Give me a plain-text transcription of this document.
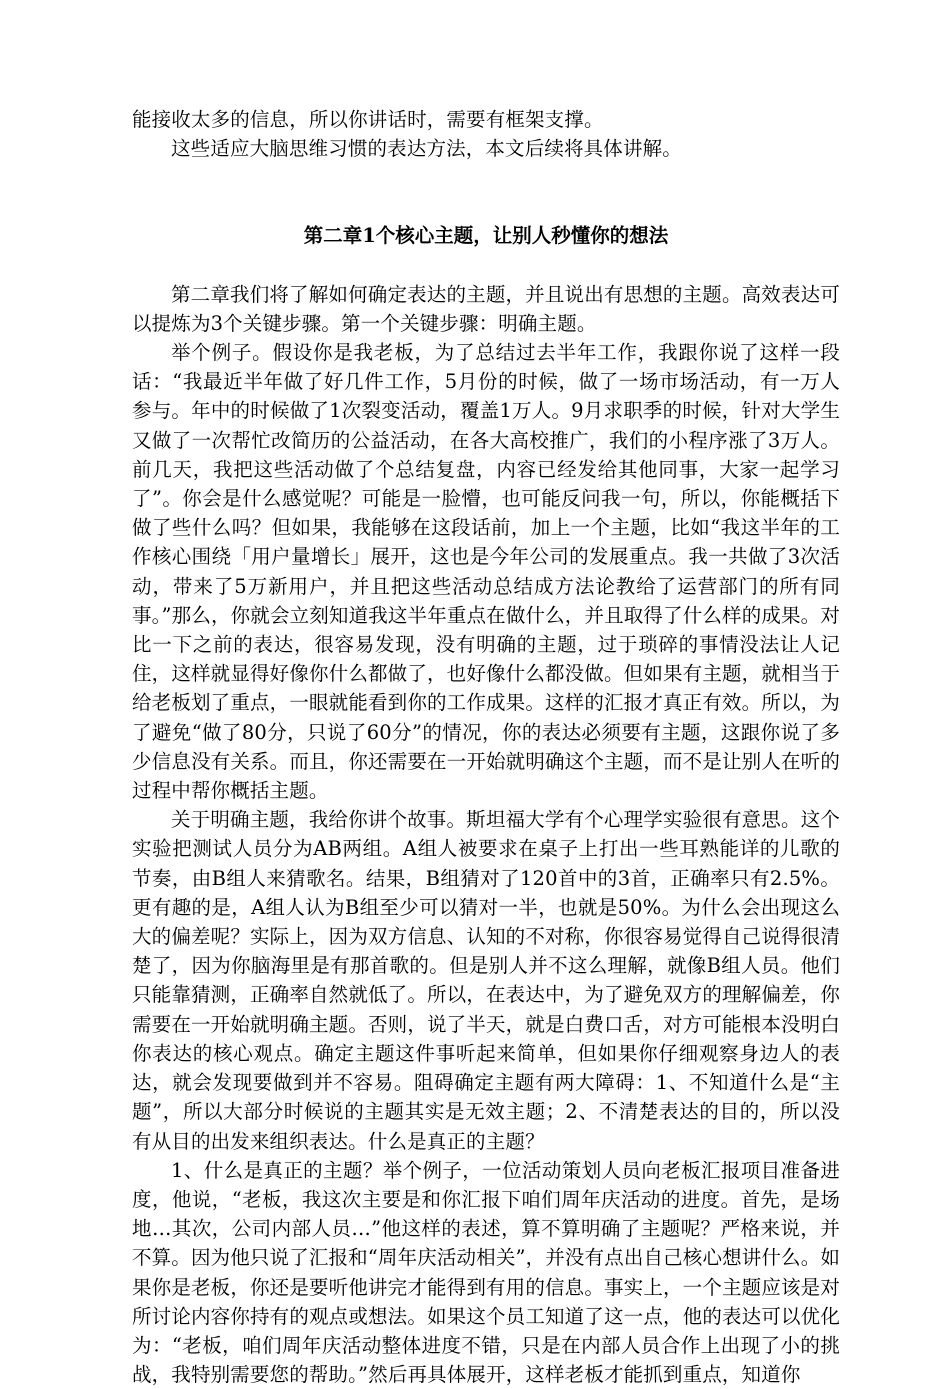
能接收太多的信息，所以你讲话时，需要有框架支撑。

这些适应大脑思维习惯的表达方法，本文后续将具体讲解。

第二章1个核心主题，让别人秒懂你的想法

第二章我们将了解如何确定表达的主题，并且说出有思想的主题。高效表达可以提炼为3个关键步骤。第一个关键步骤：明确主题。

举个例子。假设你是我老板，为了总结过去半年工作，我跟你说了这样一段话：“我最近半年做了好几件工作，5月份的时候，做了一场市场活动，有一万人参与。年中的时候做了1次裂变活动，覆盖1万人。9月求职季的时候，针对大学生又做了一次帮忙改简历的公益活动，在各大高校推广，我们的小程序涨了3万人。前几天，我把这些活动做了个总结复盘，内容已经发给其他同事，大家一起学习了”。你会是什么感觉呢？可能是一脸懵，也可能反问我一句，所以，你能概括下做了些什么吗？但如果，我能够在这段话前，加上一个主题，比如“我这半年的工作核心围绕「用户量增长」展开，这也是今年公司的发展重点。我一共做了3次活动，带来了5万新用户，并且把这些活动总结成方法论教给了运营部门的所有同事。”那么，你就会立刻知道我这半年重点在做什么，并且取得了什么样的成果。对比一下之前的表达，很容易发现，没有明确的主题，过于琐碎的事情没法让人记住，这样就显得好像你什么都做了，也好像什么都没做。但如果有主题，就相当于给老板划了重点，一眼就能看到你的工作成果。这样的汇报才真正有效。所以，为了避免“做了80分，只说了60分”的情况，你的表达必须要有主题，这跟你说了多少信息没有关系。而且，你还需要在一开始就明确这个主题，而不是让别人在听的过程中帮你概括主题。

关于明确主题，我给你讲个故事。斯坦福大学有个心理学实验很有意思。这个实验把测试人员分为AB两组。A组人被要求在桌子上打出一些耳熟能详的儿歌的节奏，由B组人来猜歌名。结果，B组猜对了120首中的3首，正确率只有2.5%。更有趣的是，A组人认为B组至少可以猜对一半，也就是50%。为什么会出现这么大的偏差呢？实际上，因为双方信息、认知的不对称，你很容易觉得自己说得很清楚了，因为你脑海里是有那首歌的。但是别人并不这么理解，就像B组人员。他们只能靠猜测，正确率自然就低了。所以，在表达中，为了避免双方的理解偏差，你需要在一开始就明确主题。否则，说了半天，就是白费口舌，对方可能根本没明白你表达的核心观点。确定主题这件事听起来简单，但如果你仔细观察身边人的表达，就会发现要做到并不容易。阻碍确定主题有两大障碍：1、不知道什么是“主题”，所以大部分时候说的主题其实是无效主题；2、不清楚表达的目的，所以没有从目的出发来组织表达。什么是真正的主题？

1、什么是真正的主题？举个例子，一位活动策划人员向老板汇报项目准备进度，他说，“老板，我这次主要是和你汇报下咱们周年庆活动的进度。首先，是场地…其次，公司内部人员…”他这样的表述，算不算明确了主题呢？严格来说，并不算。因为他只说了汇报和“周年庆活动相关”，并没有点出自己核心想讲什么。如果你是老板，你还是要听他讲完才能得到有用的信息。事实上，一个主题应该是对所讨论内容你持有的观点或想法。如果这个员工知道了这一点，他的表达可以优化为：“老板，咱们周年庆活动整体进度不错，只是在内部人员合作上出现了小的挑战，我特别需要您的帮助。”然后再具体展开，这样老板才能抓到重点，知道你
